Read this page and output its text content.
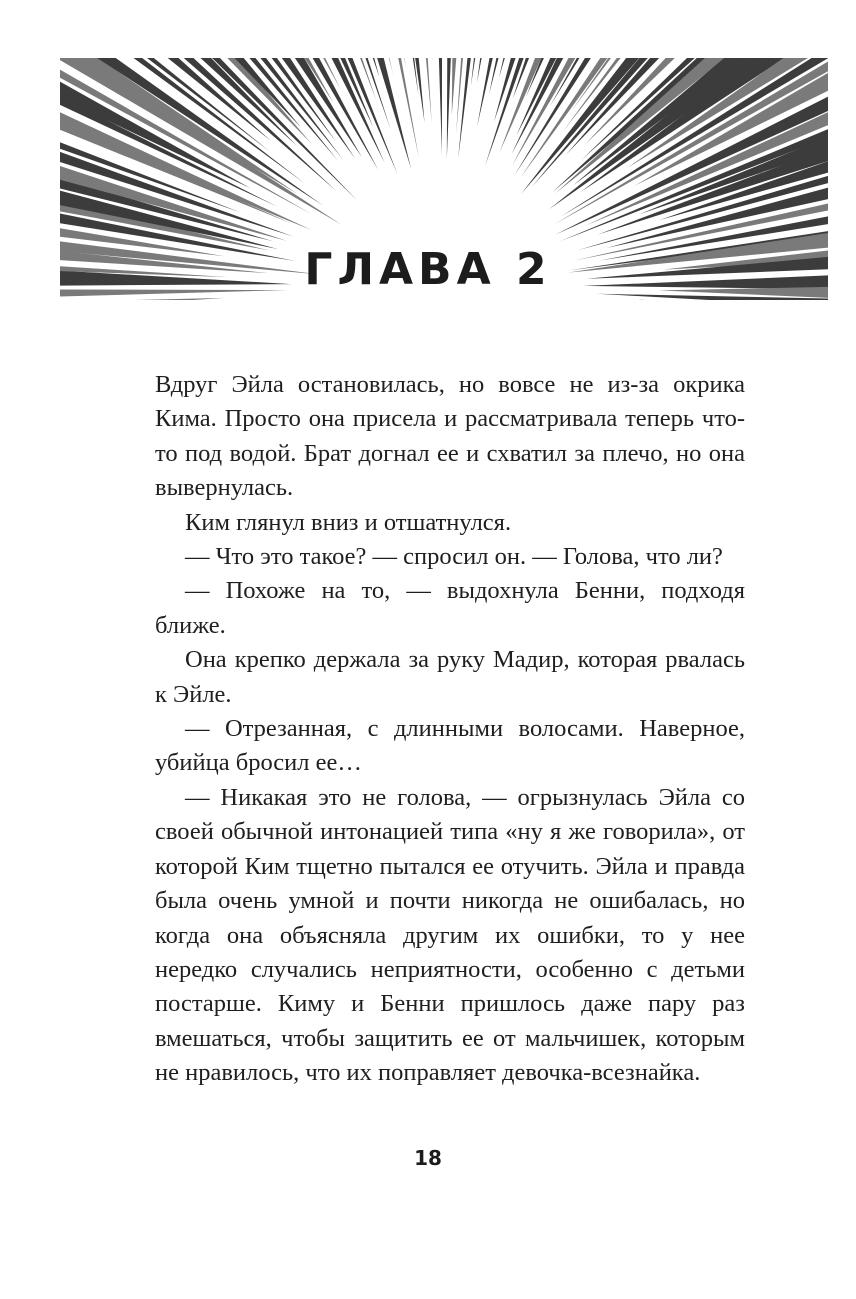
ГЛАВА 2

Вдруг Эйла остановилась, но вовсе не из-за окрика Кима. Просто она присела и рассматривала теперь что-то под водой. Брат догнал ее и схватил за плечо, но она вывернулась.

Ким глянул вниз и отшатнулся.

— Что это такое? — спросил он. — Голова, что ли?

— Похоже на то, — выдохнула Бенни, подходя ближе.

Она крепко держала за руку Мадир, которая рвалась к Эйле.

— Отрезанная, с длинными волосами. Наверное, убийца бросил ее…

— Никакая это не голова, — огрызнулась Эйла со своей обычной интонацией типа «ну я же говорила», от которой Ким тщетно пытался ее отучить. Эйла и правда была очень умной и почти никогда не ошибалась, но когда она объясняла другим их ошибки, то у нее нередко случались неприятности, особенно с детьми постарше. Киму и Бенни пришлось даже пару раз вмешаться, чтобы защитить ее от мальчишек, которым не нравилось, что их поправляет девочка-всезнайка.

18
